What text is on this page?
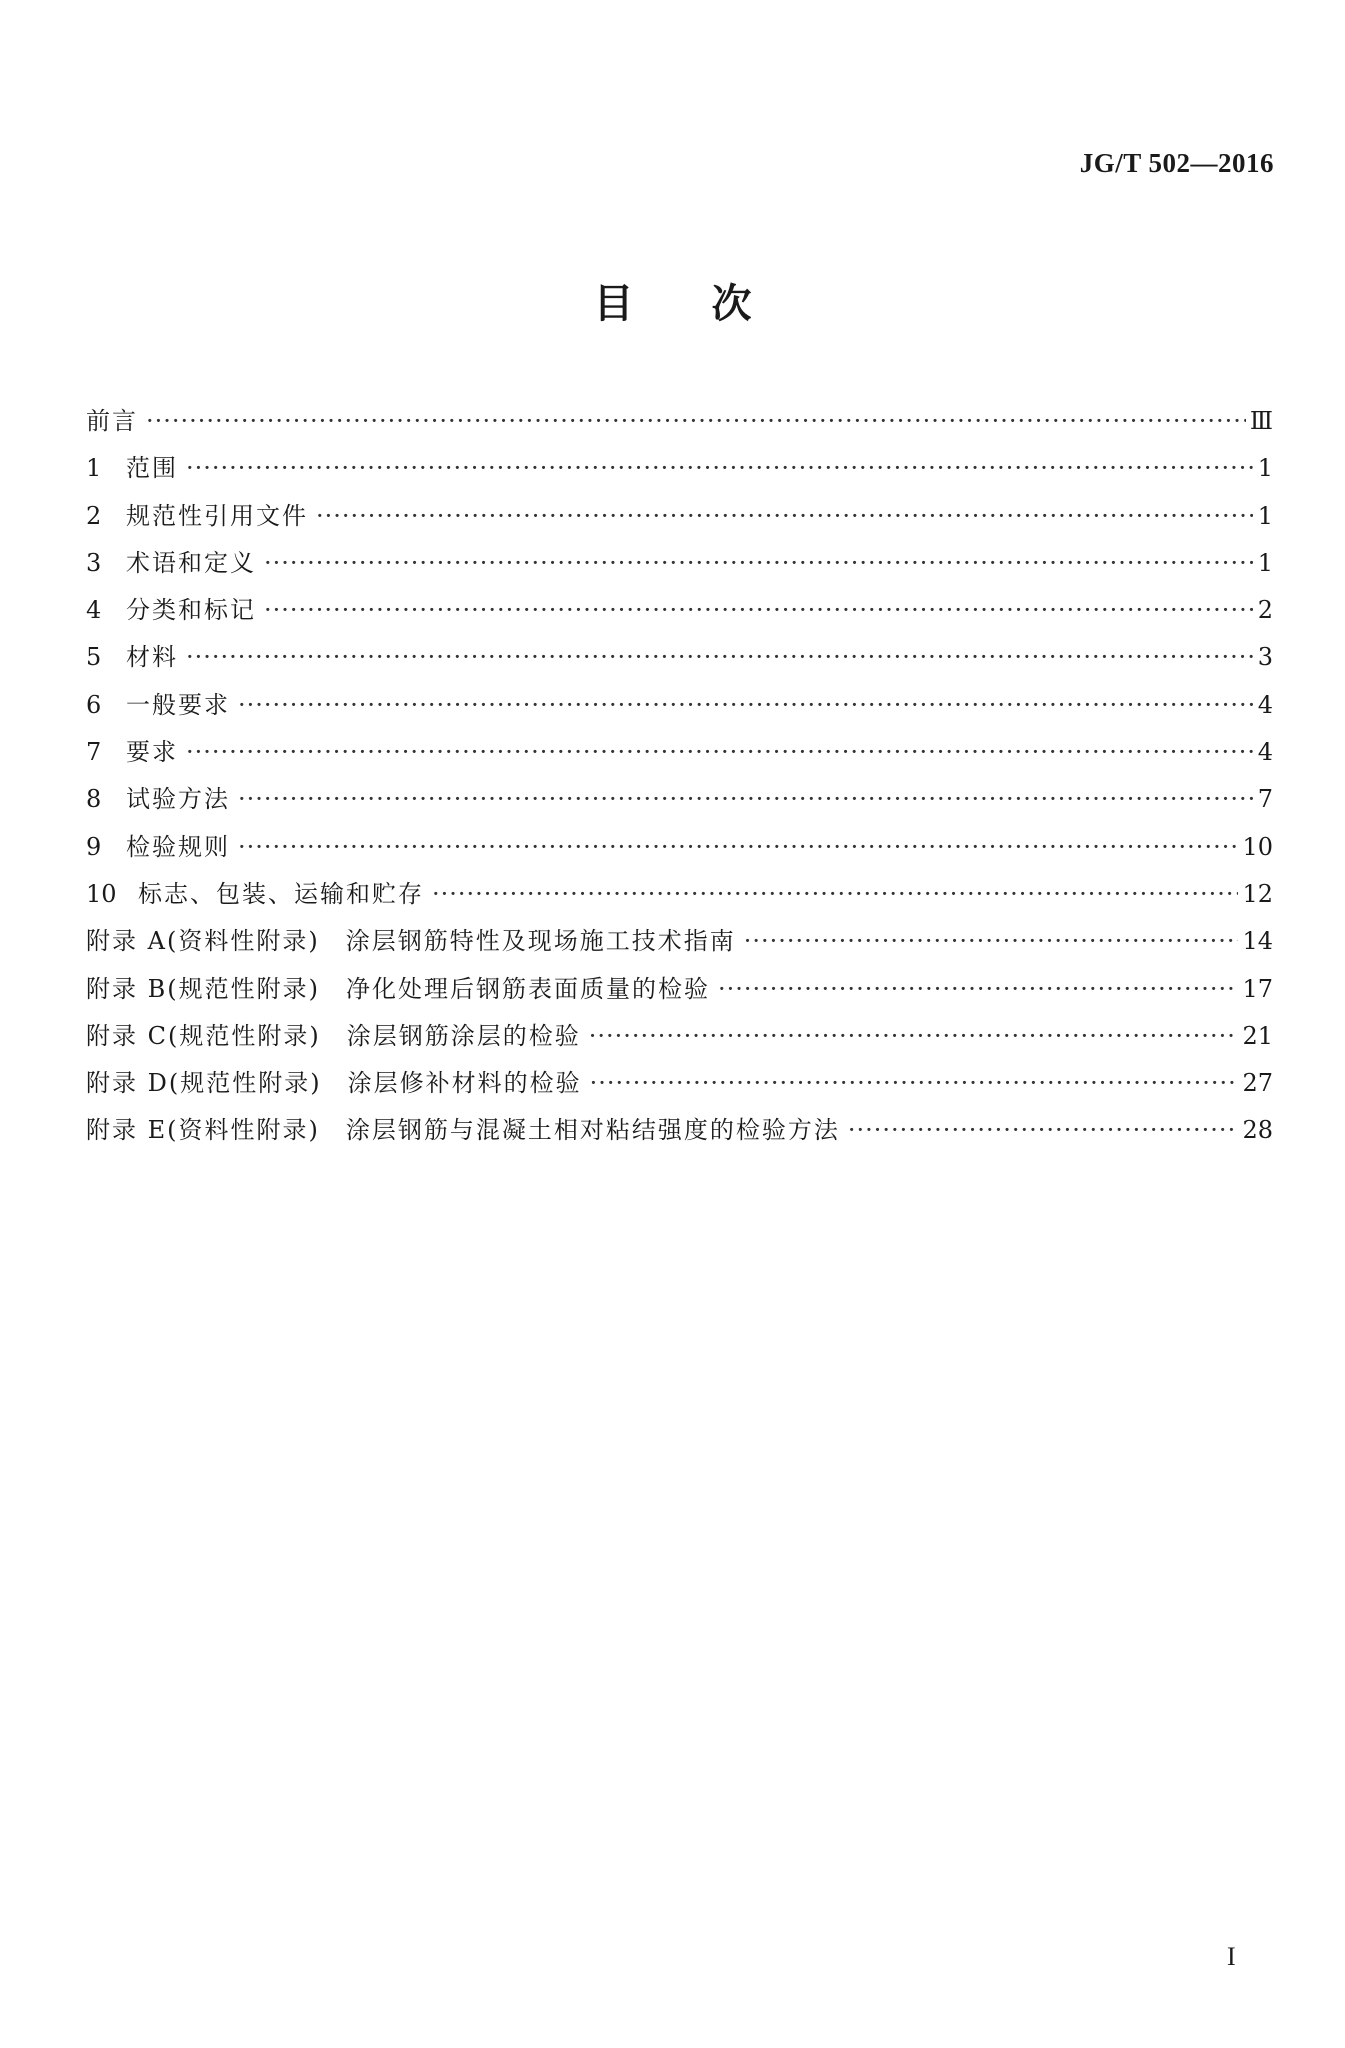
JG/T 502—2016
目 次
前言 ·····	Ⅲ
1	范围 ·····	1
2	规范性引用文件 ·····	1
3	术语和定义 ·····	1
4	分类和标记 ·····	2
5	材料 ·····	3
6	一般要求 ·····	4
7	要求 ·····	4
8	试验方法 ·····	7
9	检验规则 ·····	10
10 标志、包装、运输和贮存 ·····	12
附录 A (资料性附录) 涂层钢筋特性及现场施工技术指南 ·····	14
附录 B (规范性附录) 净化处理后钢筋表面质量的检验 ·····	17
附录 C (规范性附录) 涂层钢筋涂层的检验 ·····	21
附录 D (规范性附录) 涂层修补材料的检验 ·····	27
附录 E (资料性附录) 涂层钢筋与混凝土相对粘结强度的检验方法 ·····	28
I
